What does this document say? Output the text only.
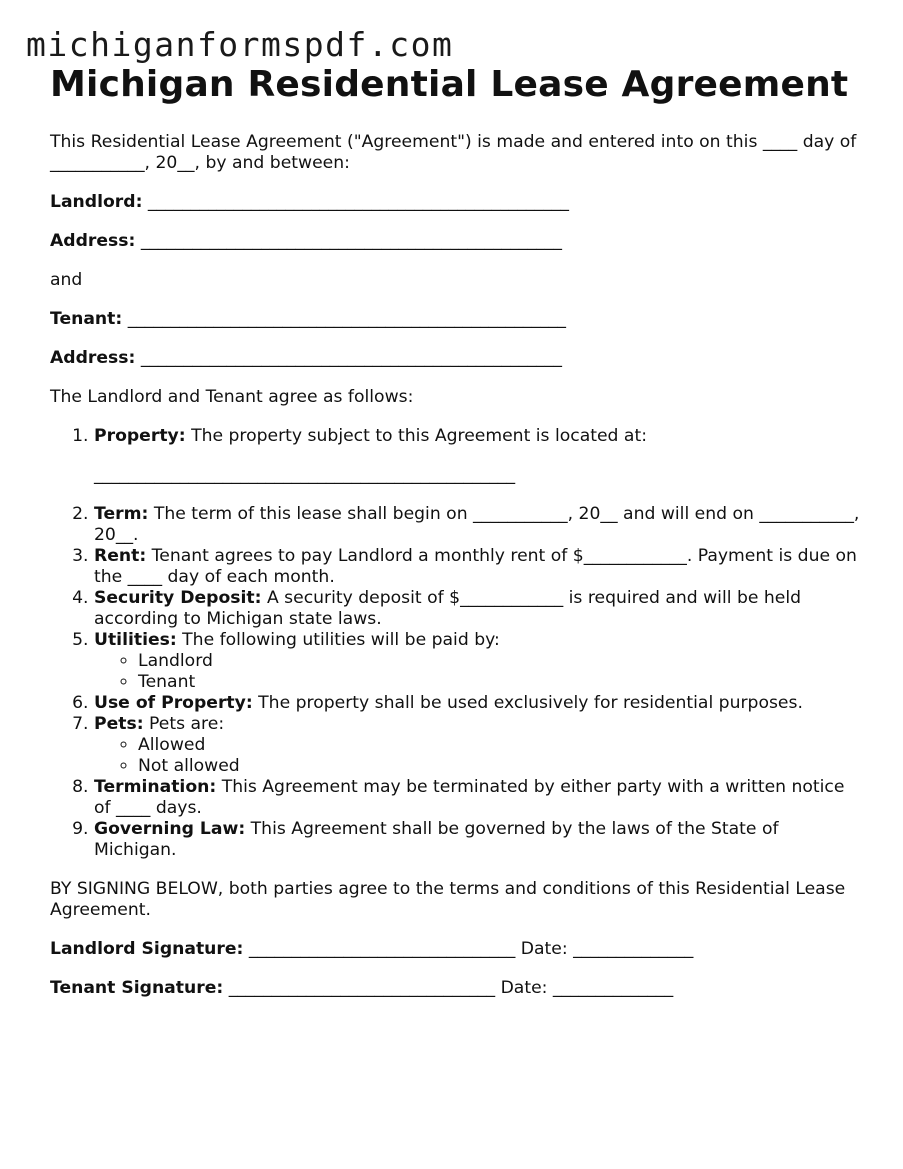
michiganformspdf.com
Michigan Residential Lease Agreement

This Residential Lease Agreement ("Agreement") is made and entered into on this ____ day of ___________, 20__, by and between:

Landlord: _________________________________________________

Address: _________________________________________________

and

Tenant: ___________________________________________________

Address: _________________________________________________

The Landlord and Tenant agree as follows:

1. Property: The property subject to this Agreement is located at:
_________________________________________________
2. Term: The term of this lease shall begin on ___________, 20__ and will end on ___________, 20__.
3. Rent: Tenant agrees to pay Landlord a monthly rent of $____________. Payment is due on the ____ day of each month.
4. Security Deposit: A security deposit of $____________ is required and will be held according to Michigan state laws.
5. Utilities: The following utilities will be paid by:
◦ Landlord
◦ Tenant
6. Use of Property: The property shall be used exclusively for residential purposes.
7. Pets: Pets are:
◦ Allowed
◦ Not allowed
8. Termination: This Agreement may be terminated by either party with a written notice of ____ days.
9. Governing Law: This Agreement shall be governed by the laws of the State of Michigan.

BY SIGNING BELOW, both parties agree to the terms and conditions of this Residential Lease Agreement.

Landlord Signature: _______________________________ Date: ______________

Tenant Signature: _______________________________ Date: ______________
